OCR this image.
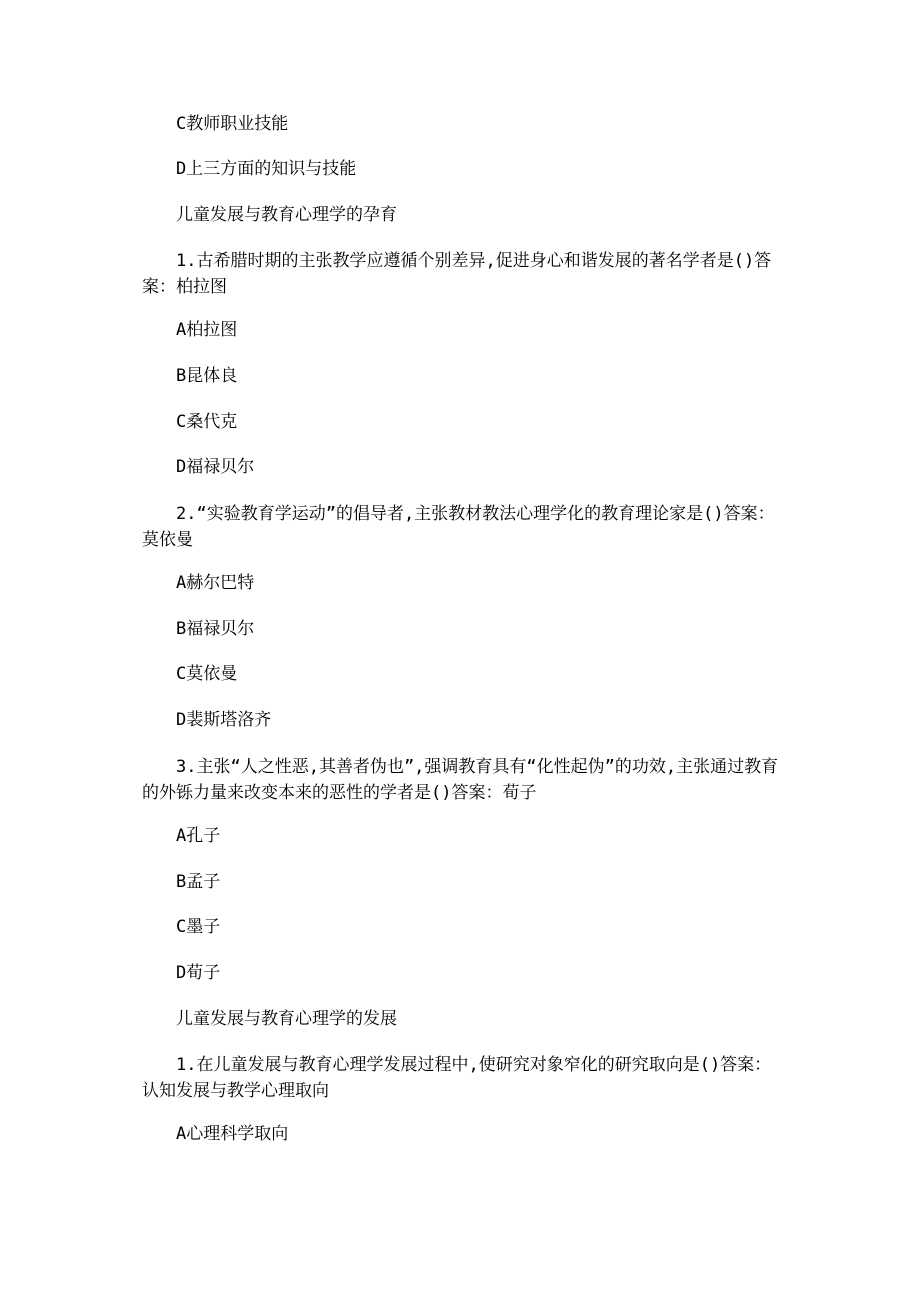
C教师职业技能
D上三方面的知识与技能
儿童发展与教育心理学的孕育
1.古希腊时期的主张教学应遵循个别差异,促进身心和谐发展的著名学者是()答案：柏拉图
A柏拉图
B昆体良
C桑代克
D福禄贝尔
2.“实验教育学运动”的倡导者,主张教材教法心理学化的教育理论家是()答案：莫依曼
A赫尔巴特
B福禄贝尔
C莫依曼
D裴斯塔洛齐
3.主张“人之性恶,其善者伪也”,强调教育具有“化性起伪”的功效,主张通过教育的外铄力量来改变本来的恶性的学者是()答案：荀子
A孔子
B孟子
C墨子
D荀子
儿童发展与教育心理学的发展
1.在儿童发展与教育心理学发展过程中,使研究对象窄化的研究取向是()答案：认知发展与教学心理取向
A心理科学取向
